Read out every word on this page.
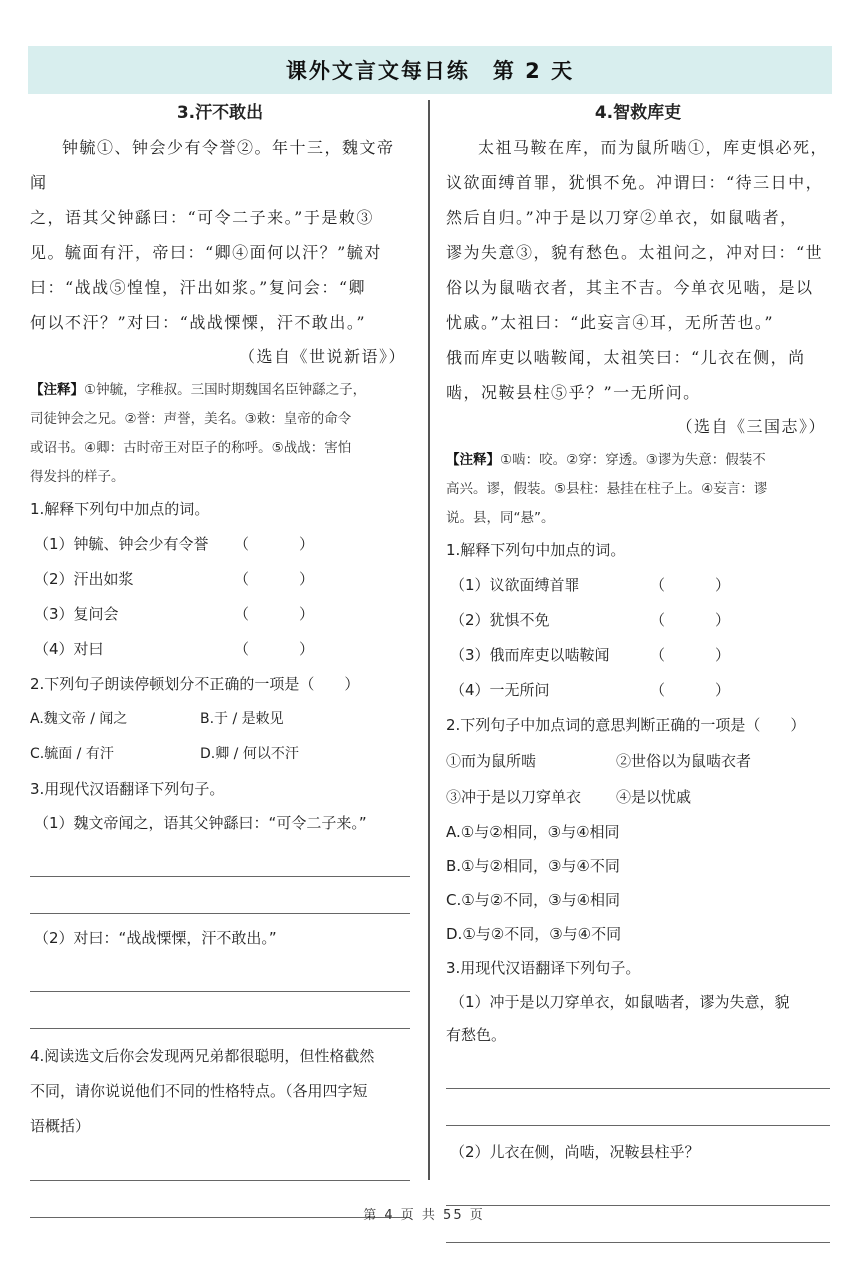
课外文言文每日练　第 2 天
3.汗不敢出
钟毓①、钟会少有令誉②。年十三，魏文帝闻
之，语其父钟繇曰：“可令二子来。”于是敕③
见。毓面有汗，帝曰：“卿④面何以汗？”毓对
曰：“战战⑤惶惶，汗出如浆。”复问会：“卿
何以不汗？”对曰：“战战慄慄，汗不敢出。”
（选自《世说新语》）
【注释】①钟毓，字稚叔。三国时期魏国名臣钟繇之子，
司徒钟会之兄。②誉：声誉，美名。③敕：皇帝的命令
或诏书。④卿：古时帝王对臣子的称呼。⑤战战：害怕
得发抖的样子。
1.解释下列句中加点的词。
（1）钟毓、钟会少有令誉	（	）
（2）汗出如浆	（	）
（3）复问会	（	）
（4）对曰	（	）
2.下列句子朗读停顿划分不正确的一项是（　　）
A.魏文帝 / 闻之	B.于 / 是敕见
C.毓面 / 有汗	D.卿 / 何以不汗
3.用现代汉语翻译下列句子。
（1）魏文帝闻之，语其父钟繇曰：“可令二子来。”
（2）对曰：“战战慄慄，汗不敢出。”
4.阅读选文后你会发现两兄弟都很聪明，但性格截然
不同，请你说说他们不同的性格特点。（各用四字短
语概括）
4.智救库吏
太祖马鞍在库，而为鼠所啮①，库吏惧必死，
议欲面缚首罪，犹惧不免。冲谓曰：“待三日中，
然后自归。”冲于是以刀穿②单衣，如鼠啮者，
谬为失意③，貌有愁色。太祖问之，冲对曰：“世
俗以为鼠啮衣者，其主不吉。今单衣见啮，是以
忧戚。”太祖曰：“此妄言④耳，无所苦也。”
俄而库吏以啮鞍闻，太祖笑曰：“儿衣在侧，尚
啮，况鞍县柱⑤乎？”一无所问。
（选自《三国志》）
【注释】①啮：咬。②穿：穿透。③谬为失意：假装不
高兴。谬，假装。⑤县柱：悬挂在柱子上。④妄言：谬
说。县，同“悬”。
1.解释下列句中加点的词。
（1）议欲面缚首罪	（	）
（2）犹惧不免	（	）
（3）俄而库吏以啮鞍闻	（	）
（4）一无所问	（	）
2.下列句子中加点词的意思判断正确的一项是（　　）
①而为鼠所啮	②世俗以为鼠啮衣者
③冲于是以刀穿单衣	④是以忧戚
A.①与②相同，③与④相同
B.①与②相同，③与④不同
C.①与②不同，③与④相同
D.①与②不同，③与④不同
3.用现代汉语翻译下列句子。
（1）冲于是以刀穿单衣，如鼠啮者，谬为失意，貌
有愁色。
（2）儿衣在侧，尚啮，况鞍县柱乎？
第 4 页 共 55 页
